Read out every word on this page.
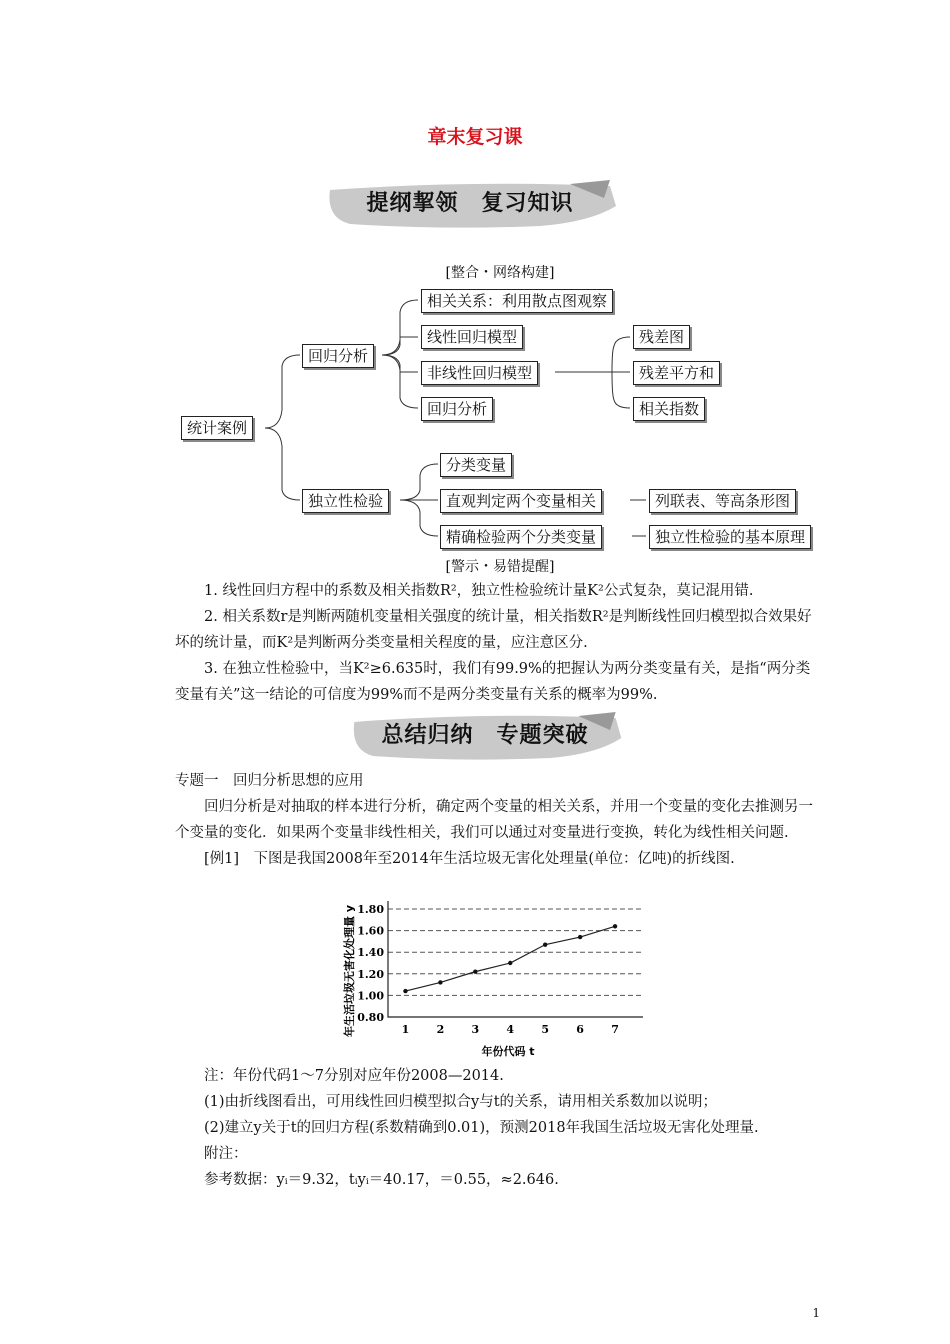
章末复习课
提纲挈领　复习知识
[整合・网络构建]
统计案例
回归分析
独立性检验
相关关系：利用散点图观察
线性回归模型
非线性回归模型
回归分析
残差图
残差平方和
相关指数
分类变量
直观判定两个变量相关
精确检验两个分类变量
列联表、等高条形图
独立性检验的基本原理
[警示・易错提醒]

1. 线性回归方程中的系数及相关指数R²，独立性检验统计量K²公式复杂，莫记混用错.

2. 相关系数r是判断两随机变量相关强度的统计量，相关指数R²是判断线性回归模型拟合效果好坏的统计量，而K²是判断两分类变量相关程度的量，应注意区分.

3. 在独立性检验中，当K²≥6.635时，我们有99.9%的把握认为两分类变量有关，是指“两分类变量有关”这一结论的可信度为99%而不是两分类变量有关系的概率为99%.

总结归纳　专题突破

专题一　回归分析思想的应用

回归分析是对抽取的样本进行分析，确定两个变量的相关关系，并用一个变量的变化去推测另一个变量的变化．如果两个变量非线性相关，我们可以通过对变量进行变换，转化为线性相关问题.

[例1]　下图是我国2008年至2014年生活垃圾无害化处理量(单位：亿吨)的折线图.

0.80
1.00
1.20
1.40
1.60
1.80
1 2 3 4 5 6 7
年生活垃圾无害化处理量 y
年份代码 t

注：年份代码1～7分别对应年份2008—2014.

(1)由折线图看出，可用线性回归模型拟合y与t的关系，请用相关系数加以说明；

(2)建立y关于t的回归方程(系数精确到0.01)，预测2018年我国生活垃圾无害化处理量.

附注：

参考数据：yᵢ＝9.32，tᵢyᵢ＝40.17，＝0.55，≈2.646.

1
